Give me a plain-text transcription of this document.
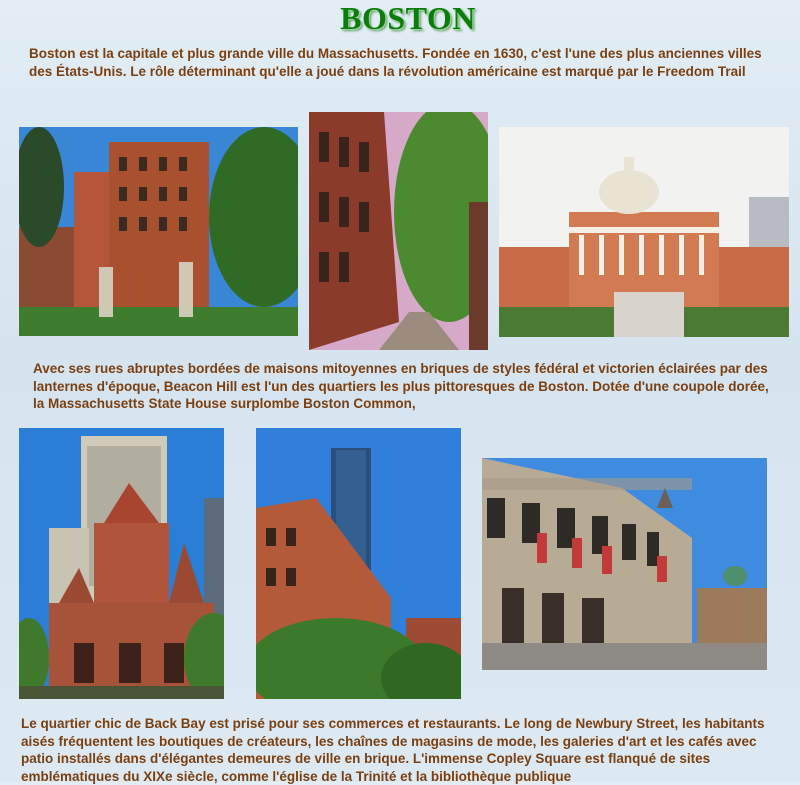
BOSTON
Boston est la capitale et plus grande ville du Massachusetts. Fondée en 1630, c'est l'une des plus anciennes villes des États-Unis. Le rôle déterminant qu'elle a joué dans la révolution américaine est marqué par le Freedom Trail
Avec ses rues abruptes bordées de maisons mitoyennes en briques de styles fédéral et victorien éclairées par des lanternes d'époque, Beacon Hill est l'un des quartiers les plus pittoresques de Boston. Dotée d'une coupole dorée, la Massachusetts State House surplombe Boston Common,
Le quartier chic de Back Bay est prisé pour ses commerces et restaurants. Le long de Newbury Street, les habitants aisés fréquentent les boutiques de créateurs, les chaînes de magasins de mode, les galeries d'art et les cafés avec patio installés dans d'élégantes demeures de ville en brique. L'immense Copley Square est flanqué de sites emblématiques du XIXe siècle, comme l'église de la Trinité et la bibliothèque publique
